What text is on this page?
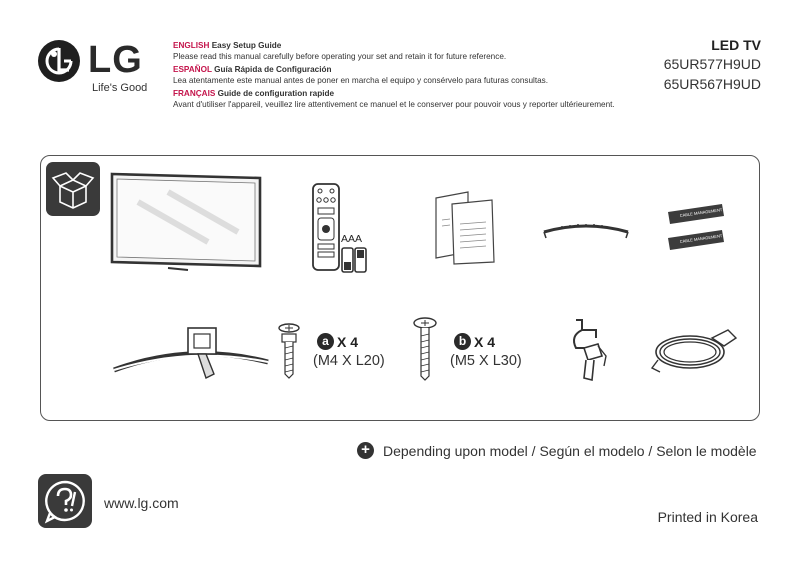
LG
Life's Good
ENGLISH Easy Setup Guide
Please read this manual carefully before operating your set and retain it for future reference.
ESPAÑOL Guía Rápida de Configuración
Lea atentamente este manual antes de poner en marcha el equipo y consérvelo para futuras consultas.
FRANÇAIS Guide de configuration rapide
Avant d'utiliser l'appareil, veuillez lire attentivement ce manuel et le conserver pour pouvoir vous y reporter ultérieurement.
LED TV
65UR577H9UD
65UR567H9UD
AAA
CABLE MANAGEMENT
CABLE MANAGEMENT
a X 4
(M4 X L20)
b X 4
(M5 X L30)
+ Depending upon model / Según el modelo / Selon le modèle
www.lg.com
Printed in Korea
